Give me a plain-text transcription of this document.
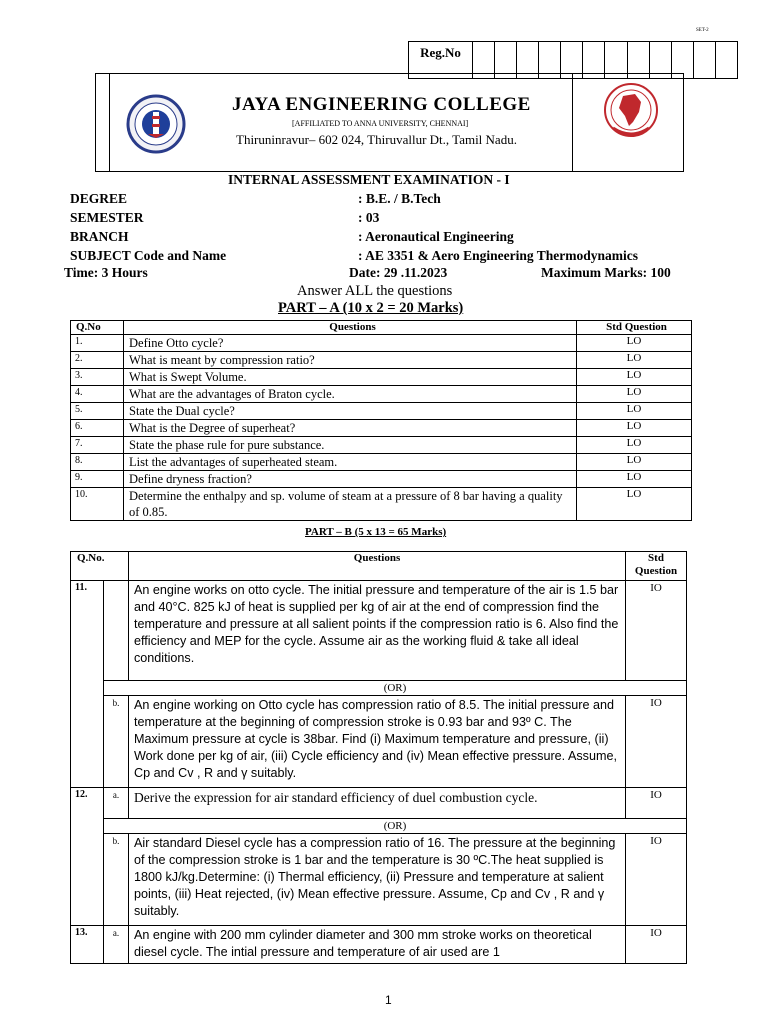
SET-2
Reg.No
JAYA ENGINEERING COLLEGE
[AFFILIATED TO ANNA UNIVERSITY, CHENNAI]
Thiruninravur– 602 024, Thiruvallur Dt., Tamil Nadu.
INTERNAL ASSESSMENT EXAMINATION - I
DEGREE	: B.E. / B.Tech
SEMESTER	: 03
BRANCH	: Aeronautical Engineering
SUBJECT Code and Name	: AE 3351 & Aero Engineering Thermodynamics
Time: 3 Hours	Date: 29 .11.2023	Maximum Marks: 100
Answer ALL the questions
PART – A (10 x 2 = 20 Marks)
Q.No	Questions	Std Question
1.	Define Otto cycle?	LO
2.	What is meant by compression ratio?	LO
3.	What is Swept Volume.	LO
4.	What are the advantages of Braton cycle.	LO
5.	State the Dual cycle?	LO
6.	What is the Degree of superheat?	LO
7.	State the phase rule for pure substance.	LO
8.	List the advantages of superheated steam.	LO
9.	Define dryness fraction?	LO
10.	Determine the enthalpy and sp. volume of steam at a pressure of 8 bar having a quality of 0.85.	LO
PART – B (5 x 13 = 65 Marks)
Q.No.		Questions	Std Question
11.		An engine works on otto cycle. The initial pressure and temperature of the air is 1.5 bar and 40°C. 825 kJ of heat is supplied per kg of air at the end of compression find the temperature and pressure at all salient points if the compression ratio is 6. Also find the efficiency and MEP for the cycle. Assume air as the working fluid & take all ideal conditions.	IO
	(OR)		
	b.	An engine working on Otto cycle has compression ratio of 8.5. The initial pressure and temperature at the beginning of compression stroke is 0.93 bar and 93º C. The Maximum pressure at cycle is 38bar. Find (i) Maximum temperature and pressure, (ii) Work done per kg of air, (iii) Cycle efficiency and (iv) Mean effective pressure. Assume, Cp and Cv , R and γ suitably.	IO
12.	a.	Derive the expression for air standard efficiency of duel combustion cycle.	IO
	(OR)		
	b.	Air standard Diesel cycle has a compression ratio of 16. The pressure at the beginning of the compression stroke is 1 bar and the temperature is 30 ºC.The heat supplied is 1800 kJ/kg.Determine: (i) Thermal efficiency, (ii) Pressure and temperature at salient points, (iii) Heat rejected, (iv) Mean effective pressure. Assume, Cp and Cv , R and γ suitably.	IO
13.	a.	An engine with 200 mm cylinder diameter and 300 mm stroke works on theoretical diesel cycle. The intial pressure and temperature of air used are 1	IO
1
